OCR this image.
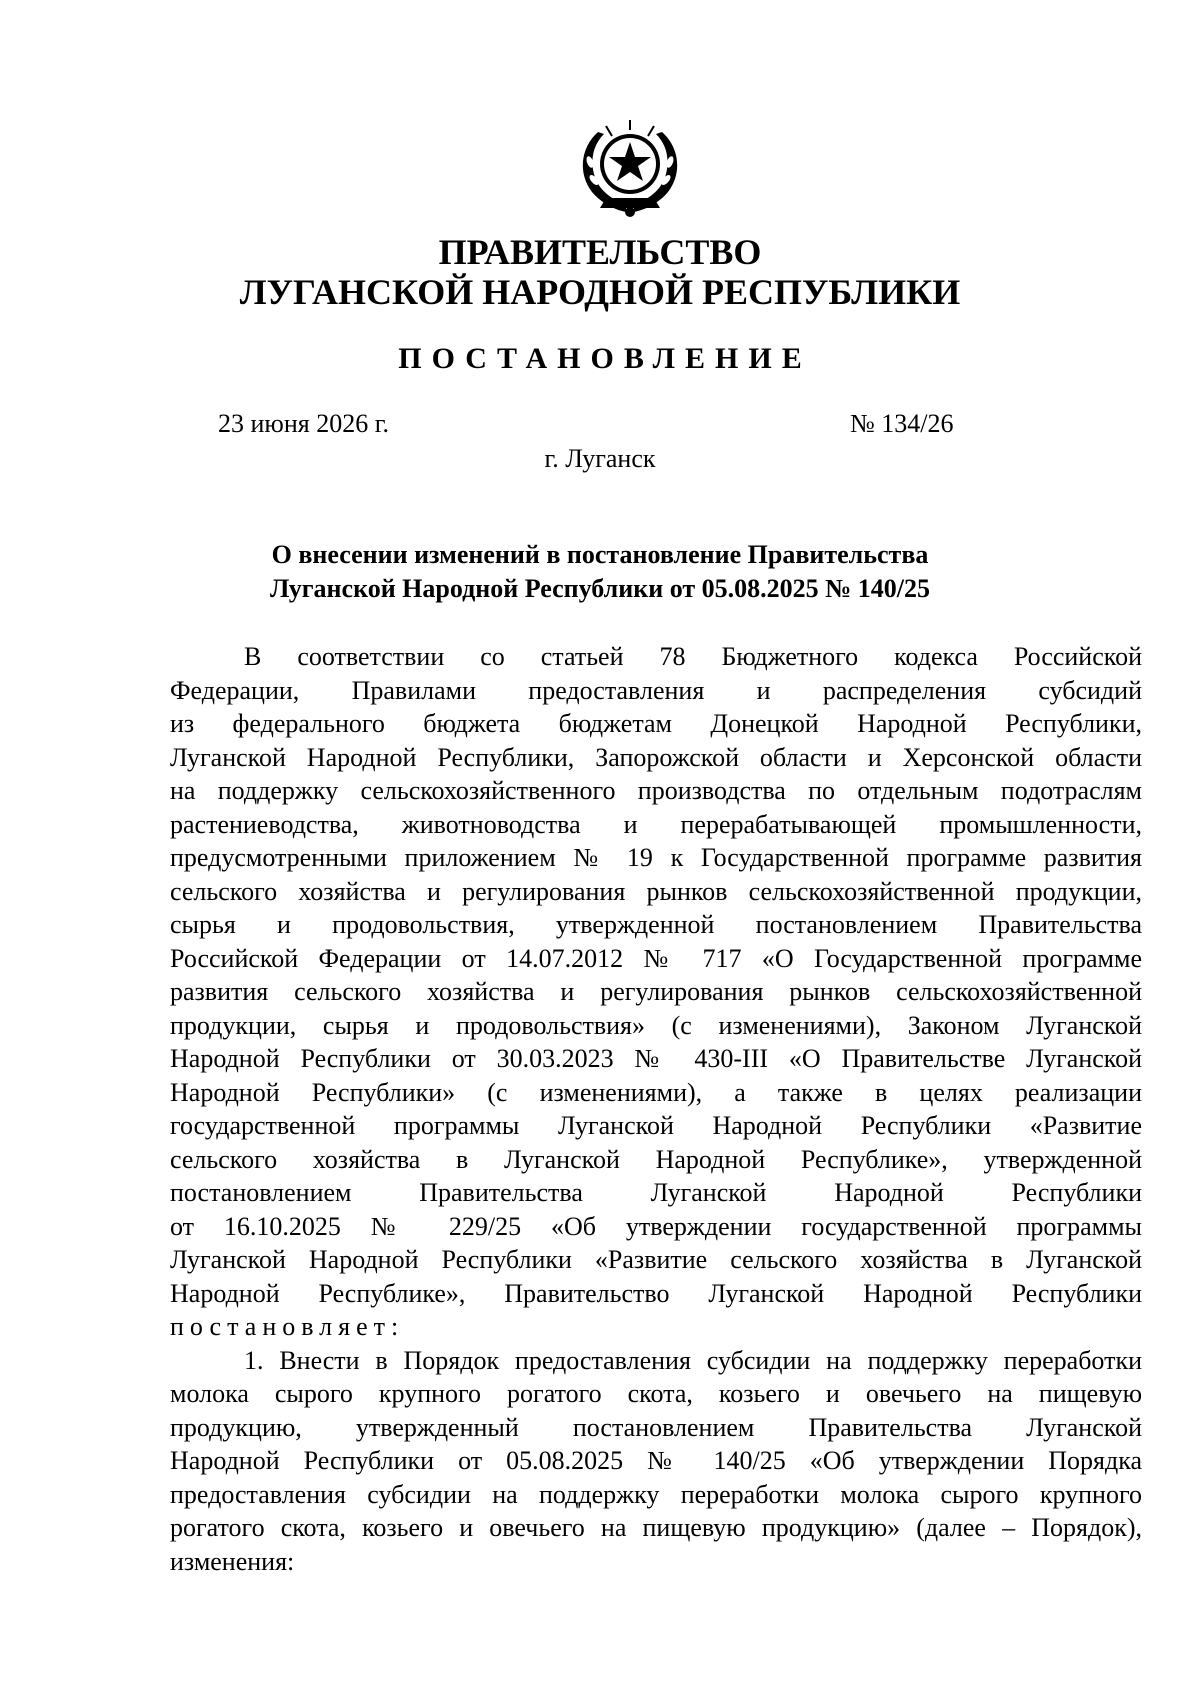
ПРАВИТЕЛЬСТВО
ЛУГАНСКОЙ НАРОДНОЙ РЕСПУБЛИКИ
ПОСТАНОВЛЕНИЕ
23 июня 2026 г.	№ 134/26
г. Луганск
О внесении изменений в постановление Правительства
Луганской Народной Республики от 05.08.2025 № 140/25
В соответствии со статьей 78 Бюджетного кодекса Российской
Федерации, Правилами предоставления и распределения субсидий
из федерального бюджета бюджетам Донецкой Народной Республики,
Луганской Народной Республики, Запорожской области и Херсонской области
на поддержку сельскохозяйственного производства по отдельным подотраслям
растениеводства, животноводства и перерабатывающей промышленности,
предусмотренными приложением № 19 к Государственной программе развития
сельского хозяйства и регулирования рынков сельскохозяйственной продукции,
сырья и продовольствия, утвержденной постановлением Правительства
Российской Федерации от 14.07.2012 № 717 «О Государственной программе
развития сельского хозяйства и регулирования рынков сельскохозяйственной
продукции, сырья и продовольствия» (с изменениями), Законом Луганской
Народной Республики от 30.03.2023 № 430-III «О Правительстве Луганской
Народной Республики» (с изменениями), а также в целях реализации
государственной программы Луганской Народной Республики «Развитие
сельского хозяйства в Луганской Народной Республике», утвержденной
постановлением Правительства Луганской Народной Республики
от 16.10.2025 № 229/25 «Об утверждении государственной программы
Луганской Народной Республики «Развитие сельского хозяйства в Луганской
Народной Республике», Правительство Луганской Народной Республики
постановляет:
1. Внести в Порядок предоставления субсидии на поддержку переработки
молока сырого крупного рогатого скота, козьего и овечьего на пищевую
продукцию, утвержденный постановлением Правительства Луганской
Народной Республики от 05.08.2025 № 140/25 «Об утверждении Порядка
предоставления субсидии на поддержку переработки молока сырого крупного
рогатого скота, козьего и овечьего на пищевую продукцию» (далее – Порядок),
изменения:
